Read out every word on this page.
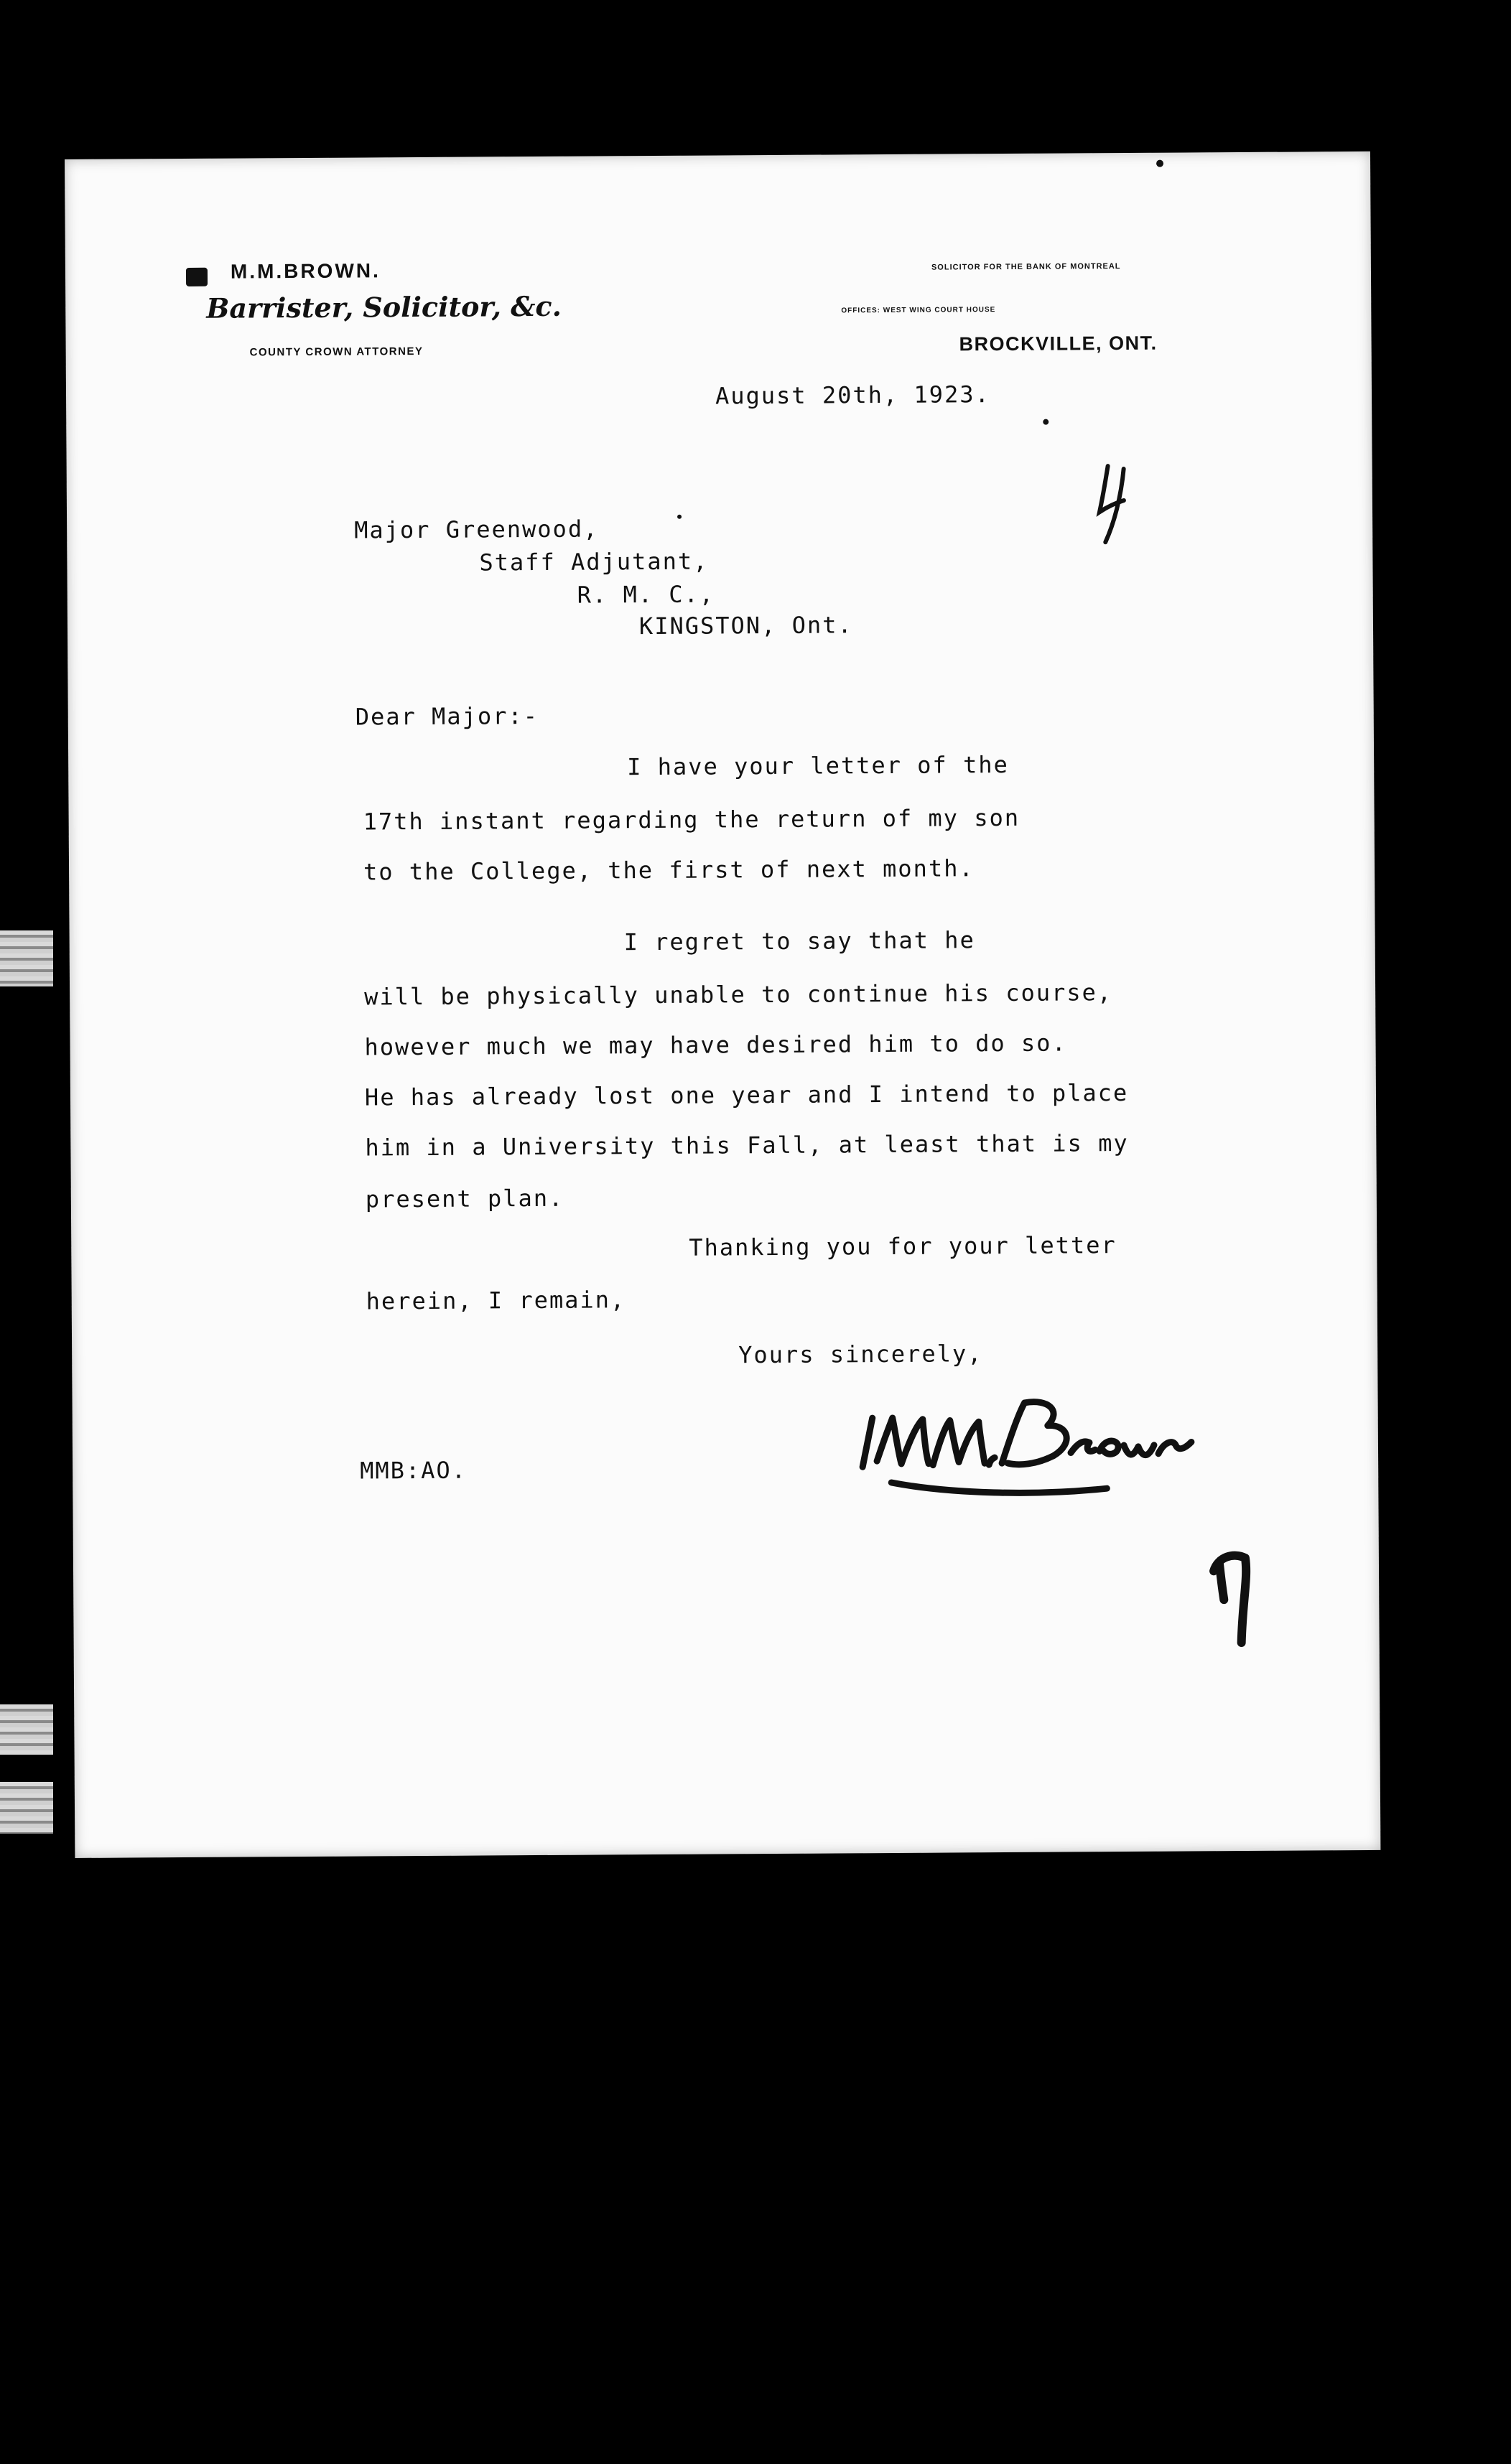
M.M.BROWN.
Barrister, Solicitor, &c.
COUNTY CROWN ATTORNEY
SOLICITOR FOR THE BANK OF MONTREAL
OFFICES: WEST WING COURT HOUSE
BROCKVILLE, ONT.
August 20th, 1923.
Major Greenwood,
Staff Adjutant,
R. M. C.,
KINGSTON, Ont.
Dear Major:-
I have your letter of the
17th instant regarding the return of my son
to the College, the first of next month.
I regret to say that he
will be physically unable to continue his course,
however much we may have desired him to do so.
He has already lost one year and I intend to place
him in a University this Fall, at least that is my
present plan.
Thanking you for your letter
herein, I remain,
Yours sincerely,
MMB:AO.
